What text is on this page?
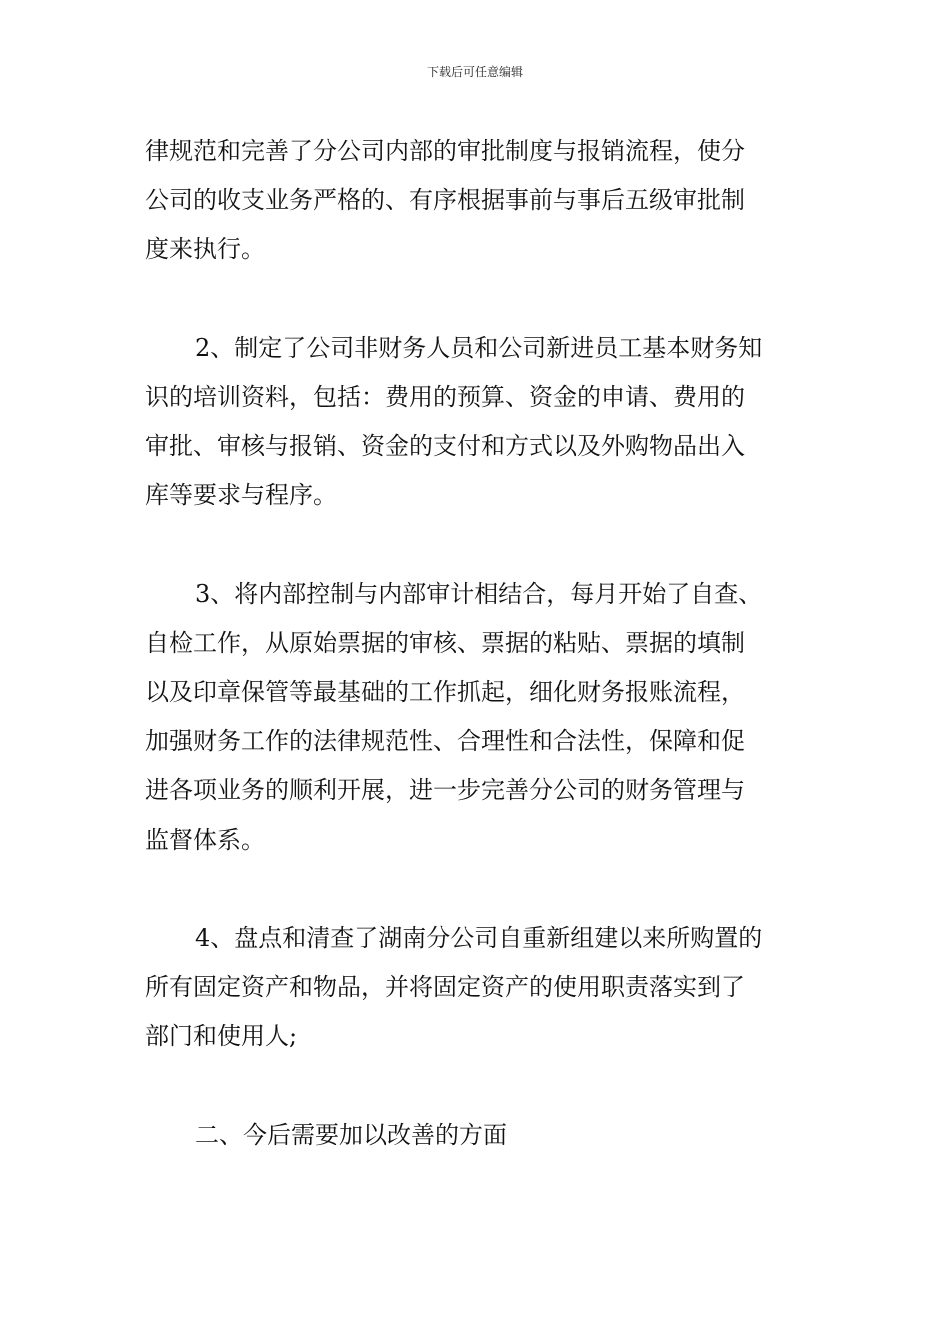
下载后可任意编辑
律规范和完善了分公司内部的审批制度与报销流程，使分
公司的收支业务严格的、有序根据事前与事后五级审批制
度来执行。
2、制定了公司非财务人员和公司新进员工基本财务知
识的培训资料，包括：费用的预算、资金的申请、费用的
审批、审核与报销、资金的支付和方式以及外购物品出入
库等要求与程序。
3、将内部控制与内部审计相结合，每月开始了自查、
自检工作，从原始票据的审核、票据的粘贴、票据的填制
以及印章保管等最基础的工作抓起，细化财务报账流程，
加强财务工作的法律规范性、合理性和合法性，保障和促
进各项业务的顺利开展，进一步完善分公司的财务管理与
监督体系。
4、盘点和清查了湖南分公司自重新组建以来所购置的
所有固定资产和物品，并将固定资产的使用职责落实到了
部门和使用人;
二、今后需要加以改善的方面
